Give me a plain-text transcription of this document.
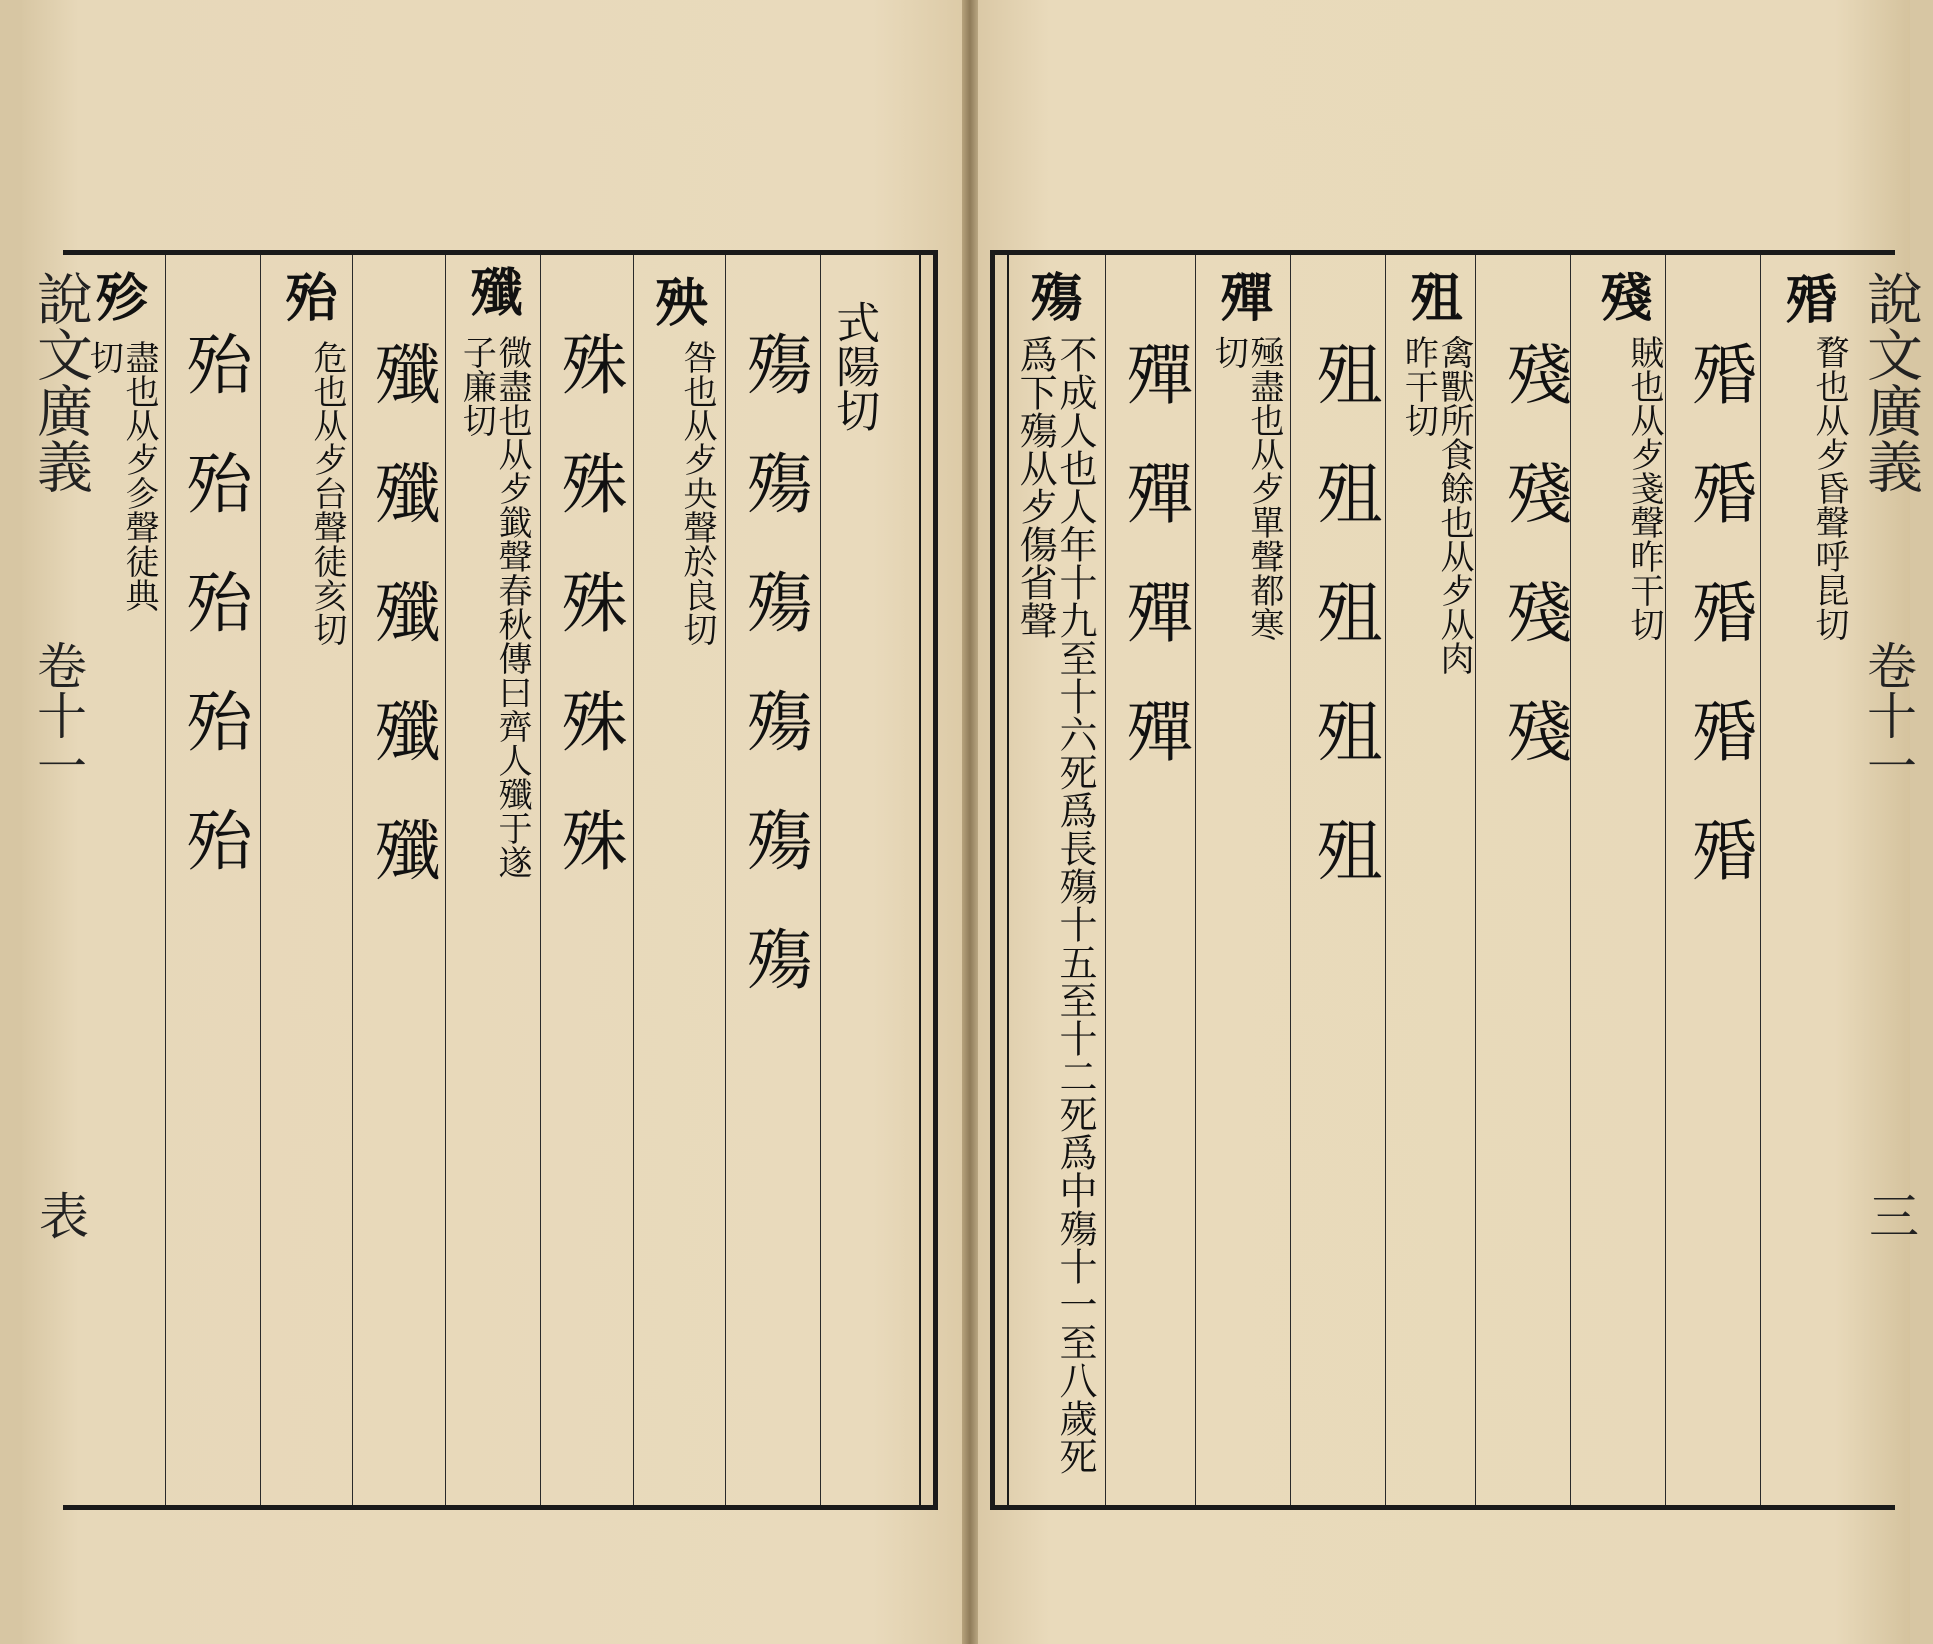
說文廣義
卷十一
表
式陽切
殤 殤 殤 殤 殤 殤
殃
咎也从歺央聲於良切
殊 殊 殊 殊 殊
殲
微盡也从歺韱聲春秋傳曰齊人殲于遂子廉切
殲 殲 殲 殲 殲
殆
危也从歺台聲徒亥切
殆 殆 殆 殆 殆
殄
盡也从歺㐱聲徒典切	說文廣義
卷十一
三
殙
瞀也从歺昏聲呼昆切
殙 殙 殙 殙 殙
殘
賊也从歺戔聲昨干切
殘 殘 殘 殘
殂
禽獸所食餘也从歺从肉昨干切
殂 殂 殂 殂 殂
殫
殛盡也从歺單聲都寒切
殫 殫 殫 殫
殤
不成人也人年十九至十六死爲長殤十五至十二死爲中殤十一至八歲死爲下殤从歺傷省聲
